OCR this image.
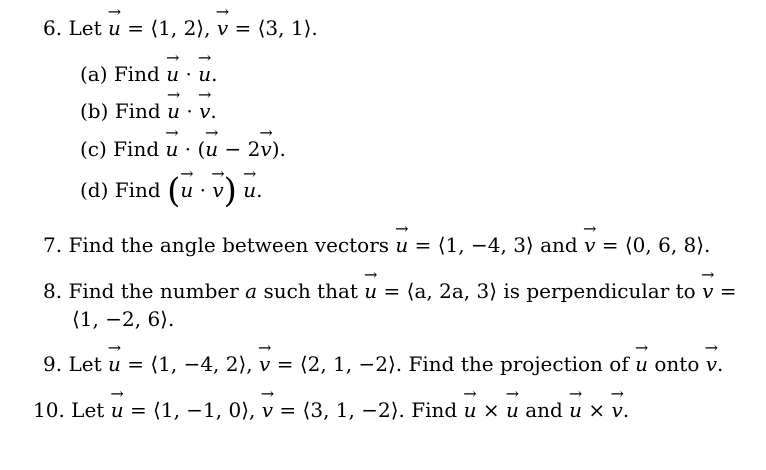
6. Let → u = ⟨1, 2⟩, → v = ⟨3, 1⟩.
(a) Find → u · → u.
(b) Find → u · → v.
(c) Find → u · (→ u − 2→ v).
(d) Find (→ u · → v) → u.
7. Find the angle between vectors → u = ⟨1, −4, 3⟩ and → v = ⟨0, 6, 8⟩.
8. Find the number a such that → u = ⟨a, 2a, 3⟩ is perpendicular to → v =
⟨1, −2, 6⟩.
9. Let → u = ⟨1, −4, 2⟩, → v = ⟨2, 1, −2⟩. Find the projection of → u onto → v.
10. Let → u = ⟨1, −1, 0⟩, → v = ⟨3, 1, −2⟩. Find → u × → u and → u × → v.
